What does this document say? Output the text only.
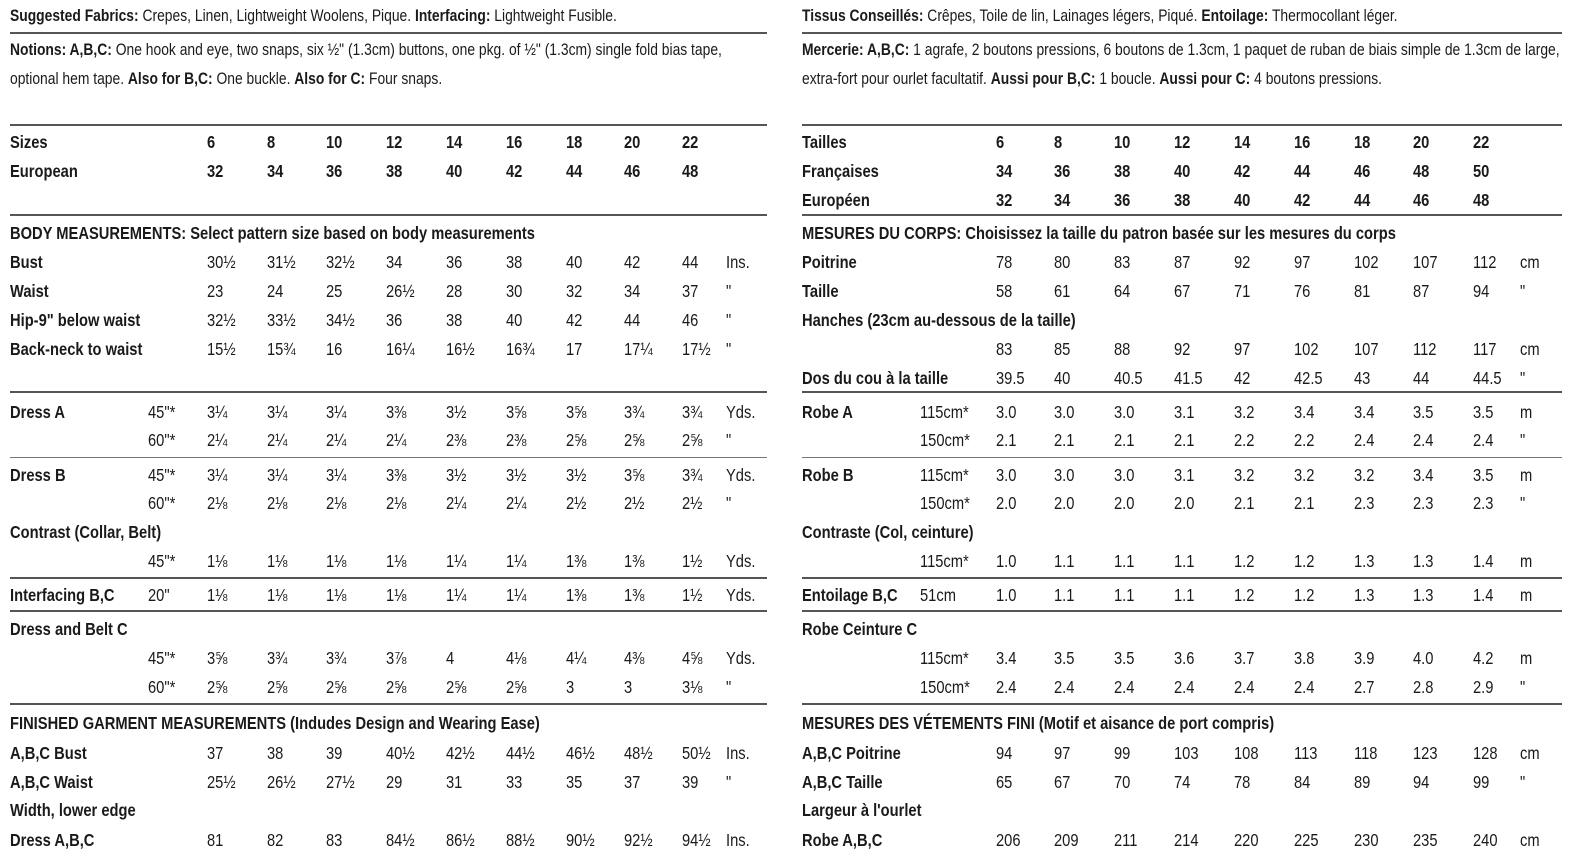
Suggested Fabrics: Crepes, Linen, Lightweight Woolens, Pique. Interfacing: Lightweight Fusible.
Notions: A,B,C: One hook and eye, two snaps, six ½" (1.3cm) buttons, one pkg. of ½" (1.3cm) single fold bias tape, optional hem tape. Also for B,C: One buckle. Also for C: Four snaps.
Sizes	6	8	10 12 14 16 18 20 22
European	32 34 36 38 40 42 44 46 48
BODY MEASUREMENTS: Select pattern size based on body measurements
Bust	30½ 31½ 32½ 34 36 38 40 42 44 Ins.
Waist	23 24 25 26½ 28 30 32 34 37 "
Hip-9" below waist	32½ 33½ 34½ 36 38 40 42 44 46 "
Back-neck to waist	15½ 15¾ 16 16¼ 16½ 16¾ 17 17¼ 17½ "
Dress A	45"* 3¼ 3¼ 3¼ 3⅜ 3½ 3⅝ 3⅝ 3¾ 3¾ Yds.
60"* 2¼ 2¼ 2¼ 2¼ 2⅜ 2⅜ 2⅝ 2⅝ 2⅝ "
Dress B	45"* 3¼ 3¼ 3¼ 3⅜ 3½ 3½ 3½ 3⅝ 3¾ Yds.
60"* 2⅛ 2⅛ 2⅛ 2⅛ 2¼ 2¼ 2½ 2½ 2½ "
Contrast (Collar, Belt)
45"* 1⅛ 1⅛ 1⅛ 1⅛ 1¼ 1¼ 1⅜ 1⅜ 1½ Yds.
Interfacing B,C 20" 1⅛ 1⅛ 1⅛ 1⅛ 1¼ 1¼ 1⅜ 1⅜ 1½ Yds.
Dress and Belt C
45"* 3⅝ 3¾ 3¾ 3⅞ 4	4⅛ 4¼ 4⅜ 4⅝ Yds.
60"* 2⅝ 2⅝ 2⅝ 2⅝ 2⅝ 2⅝ 3	3	3⅛ "
FINISHED GARMENT MEASUREMENTS (Indudes Design and Wearing Ease)
A,B,C Bust	37 38 39 40½ 42½ 44½ 46½ 48½ 50½ Ins.
A,B,C Waist	25½ 26½ 27½ 29 31 33 35 37 39 "
Width, lower edge
Dress A,B,C	81 82 83 84½ 86½ 88½ 90½ 92½ 94½ Ins.
Tissus Conseillés: Crêpes, Toile de lin, Lainages légers, Piqué. Entoilage: Thermocollant léger.
Mercerie: A,B,C: 1 agrafe, 2 boutons pressions, 6 boutons de 1.3cm, 1 paquet de ruban de biais simple de 1.3cm de large, extra-fort pour ourlet facultatif. Aussi pour B,C: 1 boucle. Aussi pour C: 4 boutons pressions.
Tailles	6	8	10 12 14 16 18 20 22
Françaises	34 36 38 40 42 44 46 48 50
Européen	32 34 36 38 40 42 44 46 48
MESURES DU CORPS: Choisissez la taille du patron basée sur les mesures du corps
Poitrine	78 80 83 87 92 97 102 107 112 cm
Taille	58 61 64 67 71 76 81 87 94 "
Hanches (23cm au-dessous de la taille)
83 85 88 92 97 102 107 112 117 cm
Dos du cou à la taille	39.5 40 40.5 41.5 42 42.5 43 44 44.5 "
Robe A	115cm* 3.0 3.0 3.0 3.1 3.2 3.4 3.4 3.5 3.5 m
150cm* 2.1 2.1 2.1 2.1 2.2 2.2 2.4 2.4 2.4 "
Robe B	115cm* 3.0 3.0 3.0 3.1 3.2 3.2 3.2 3.4 3.5 m
150cm* 2.0 2.0 2.0 2.0 2.1 2.1 2.3 2.3 2.3 "
Contraste (Col, ceinture)
115cm* 1.0 1.1 1.1 1.1 1.2 1.2 1.3 1.3 1.4 m
Entoilage B,C 51cm 1.0 1.1 1.1 1.1 1.2 1.2 1.3 1.3 1.4 m
Robe Ceinture C
115cm* 3.4 3.5 3.5 3.6 3.7 3.8 3.9 4.0 4.2 m
150cm* 2.4 2.4 2.4 2.4 2.4 2.4 2.7 2.8 2.9 "
MESURES DES VÉTEMENTS FINI (Motif et aisance de port compris)
A,B,C Poitrine	94 97 99 103 108 113 118 123 128 cm
A,B,C Taille	65 67 70 74 78 84 89 94 99 "
Largeur à l'ourlet
Robe A,B,C	206 209 211 214 220 225 230 235 240 cm
